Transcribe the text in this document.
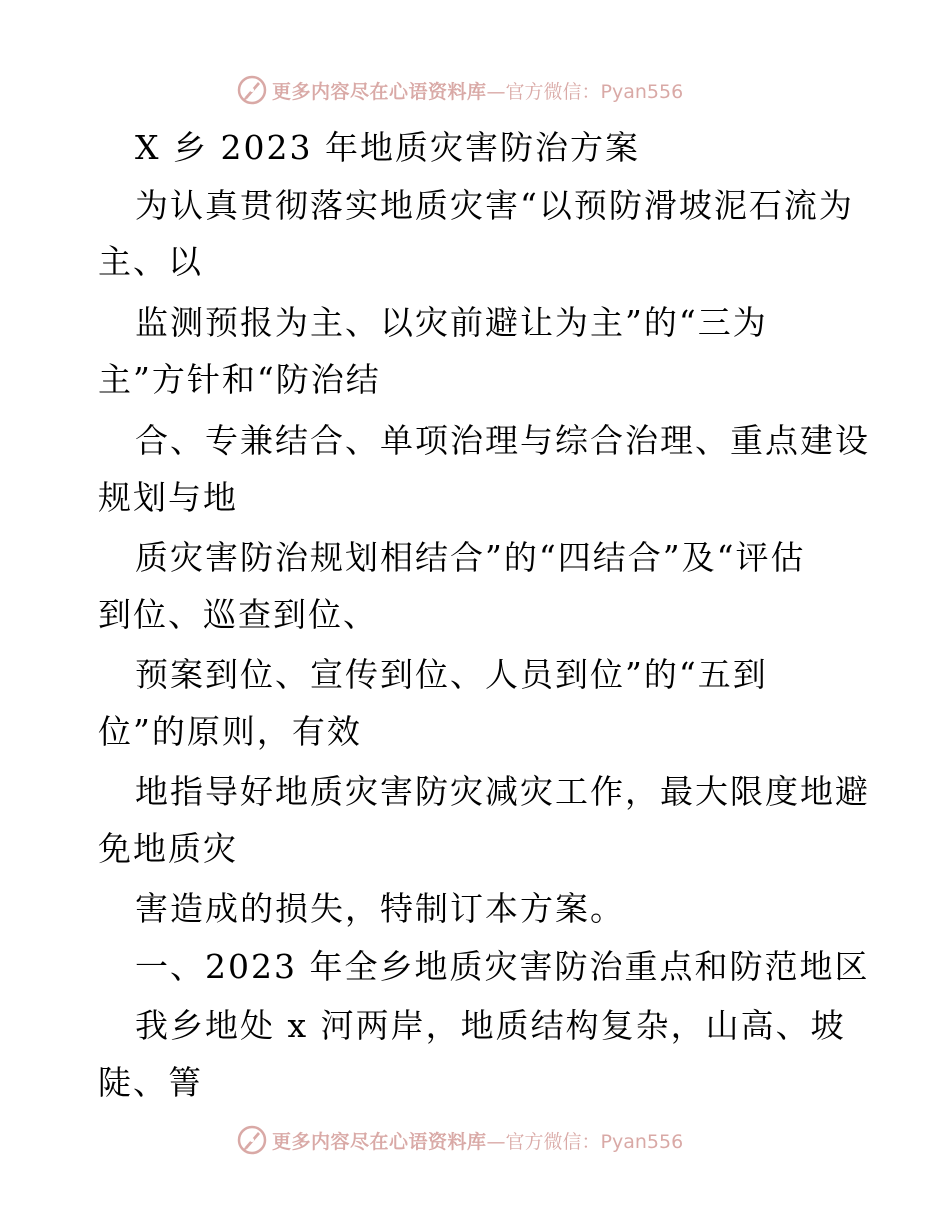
更多内容尽在心语资料库 —官方微信：Pyan556
X 乡 2023 年地质灾害防治方案
为认真贯彻落实地质灾害“以预防滑坡泥石流为
主、以
监测预报为主、以灾前避让为主”的“三为
主”方针和“防治结
合、专兼结合、单项治理与综合治理、重点建设
规划与地
质灾害防治规划相结合”的“四结合”及“评估
到位、巡查到位、
预案到位、宣传到位、人员到位”的“五到
位”的原则，有效
地指导好地质灾害防灾减灾工作，最大限度地避
免地质灾
害造成的损失，特制订本方案。
一、2023 年全乡地质灾害防治重点和防范地区
我乡地处 x 河两岸，地质结构复杂，山高、坡
陡、箐
更多内容尽在心语资料库 —官方微信：Pyan556
